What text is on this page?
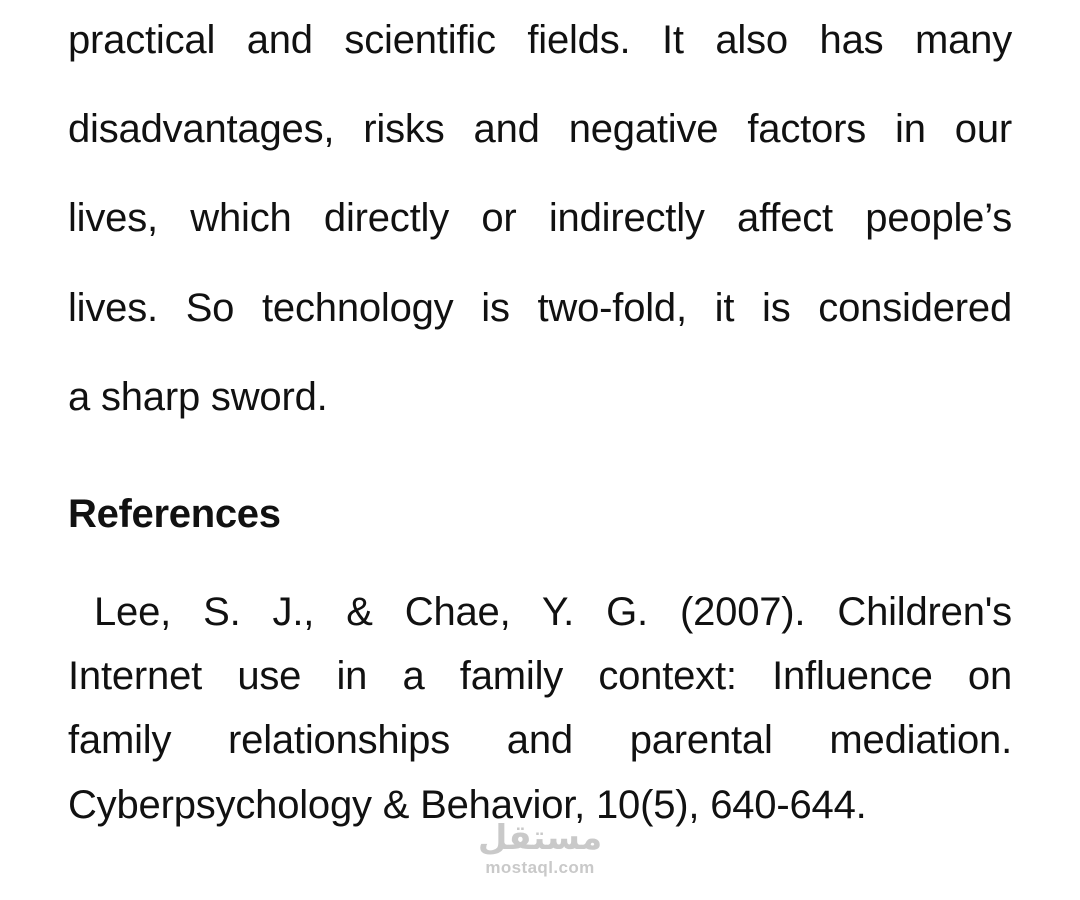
practical and scientific fields. It also has many
disadvantages, risks and negative factors in our
lives, which directly or indirectly affect people’s
lives. So technology is two-fold, it is considered
a sharp sword.
References
Lee, S. J., & Chae, Y. G. (2007). Children's
Internet use in a family context: Influence on
family relationships and parental mediation.
Cyberpsychology & Behavior, 10(5), 640-644.
مستقل
mostaql.com
